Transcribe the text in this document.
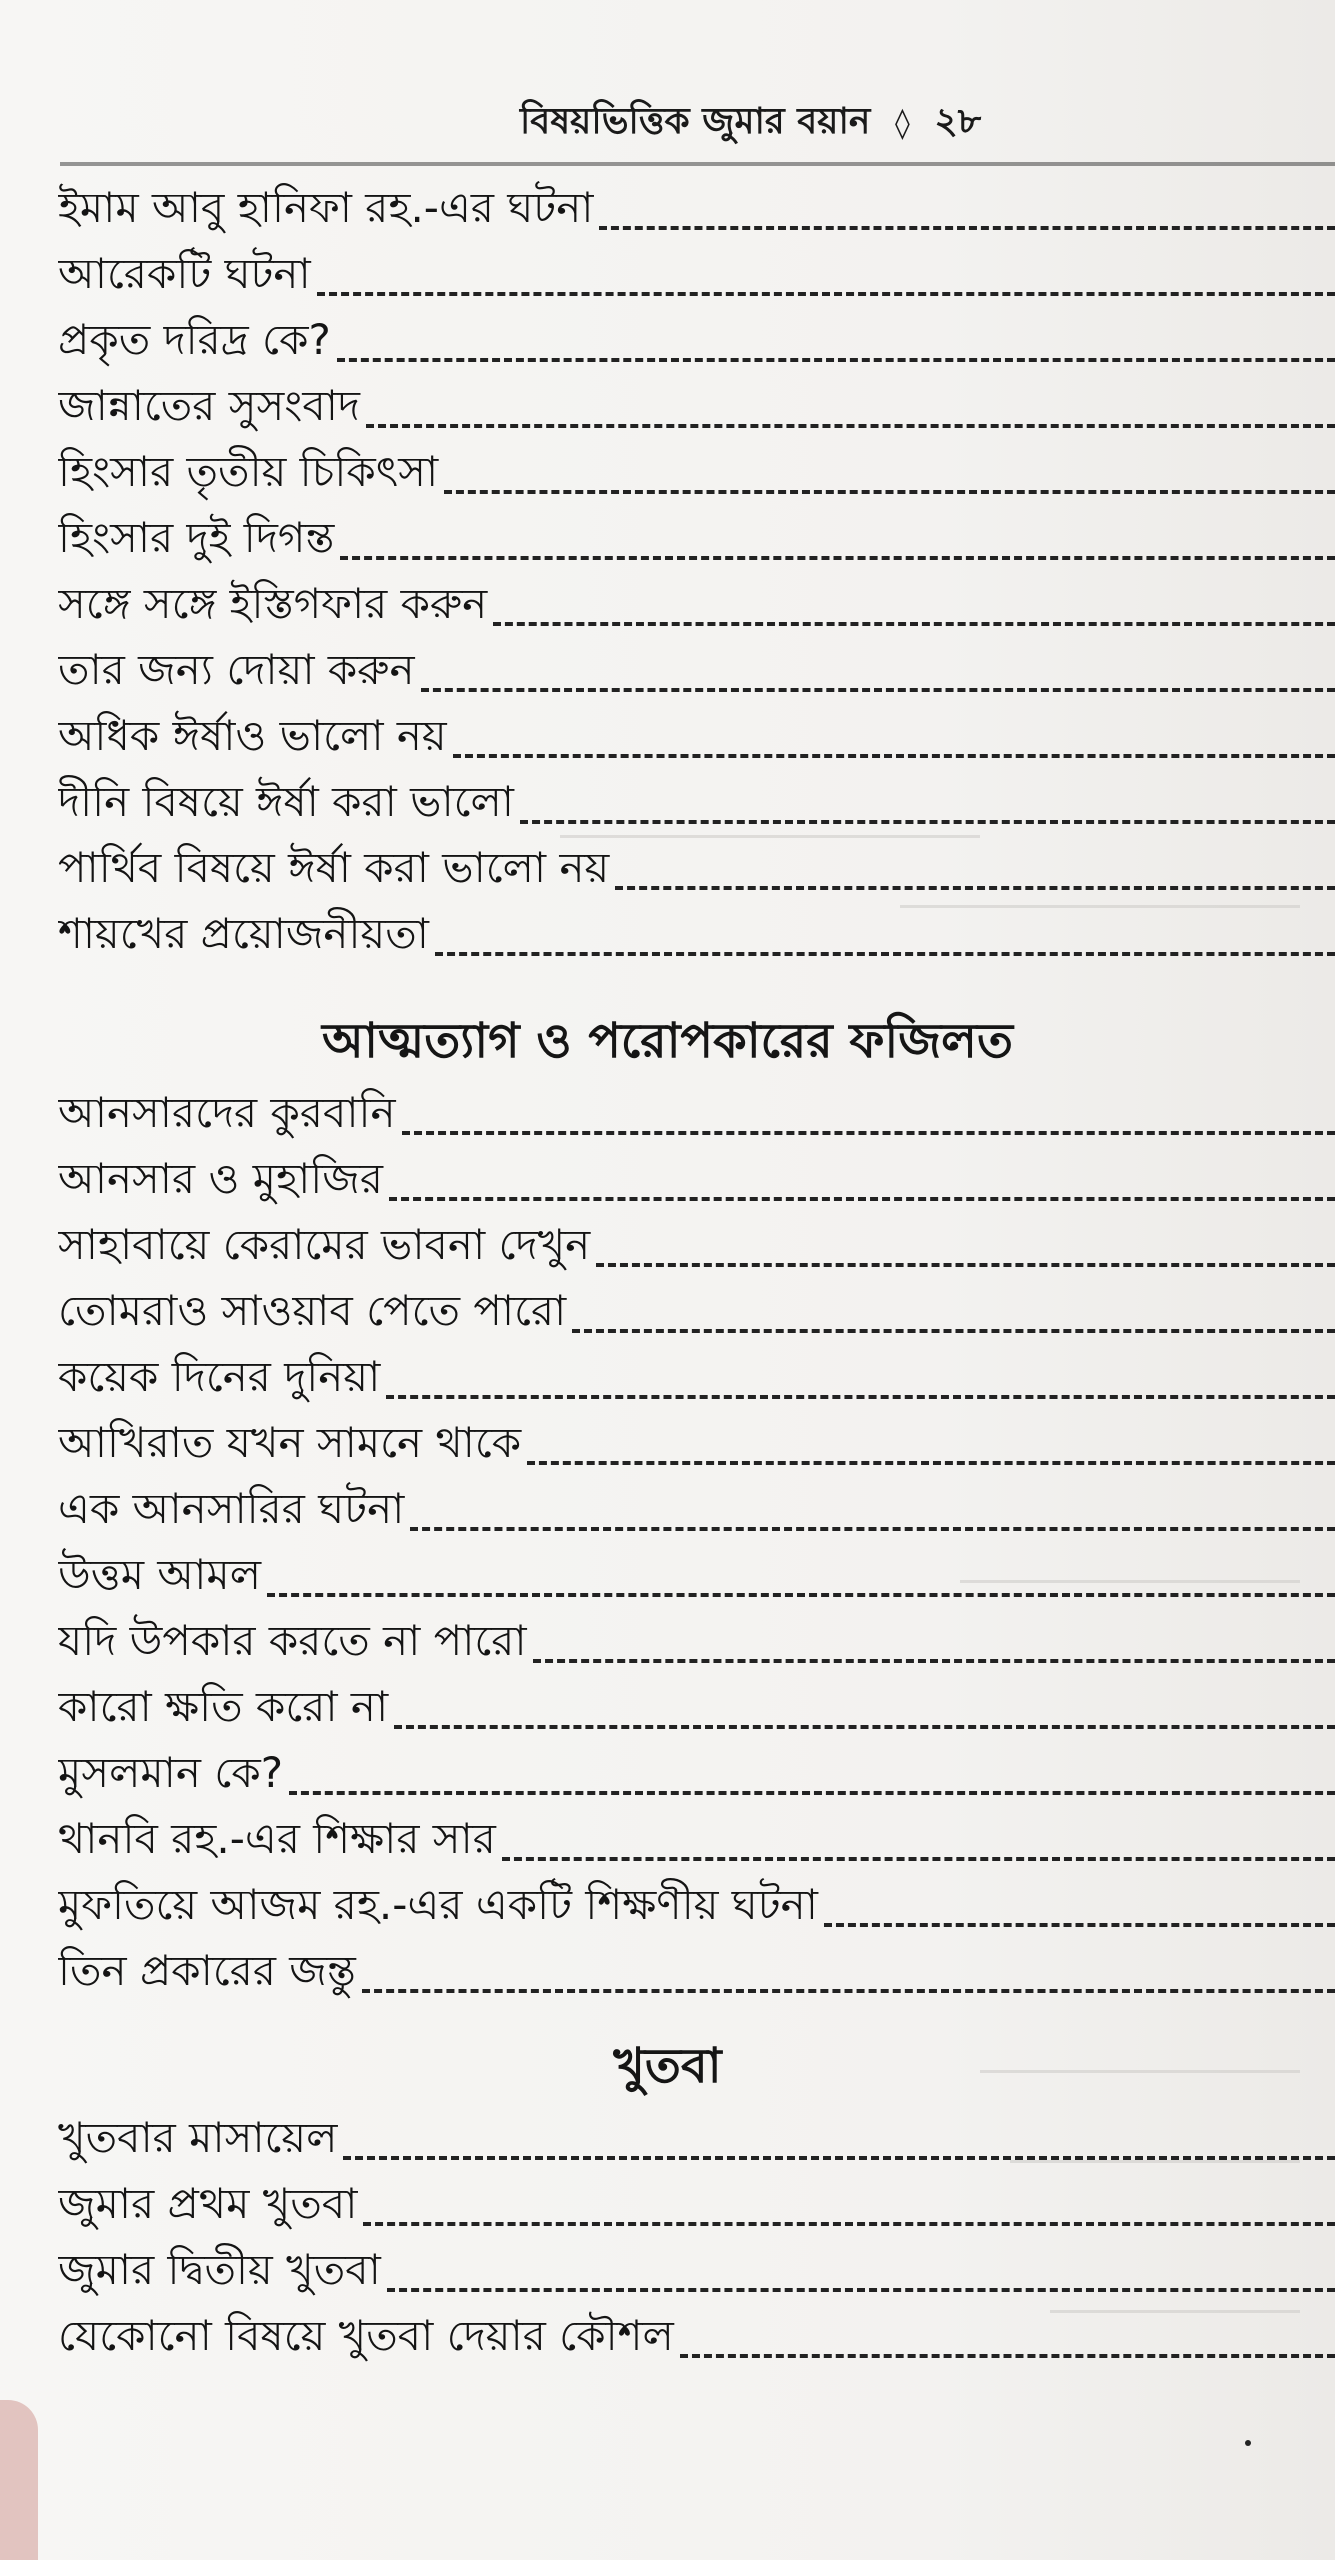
বিষয়ভিত্তিক জুমার বয়ান ◊ ২৮
ইমাম আবু হানিফা রহ.-এর ঘটনা
আরেকটি ঘটনা
প্রকৃত দরিদ্র কে?
জান্নাতের সুসংবাদ
হিংসার তৃতীয় চিকিৎসা
হিংসার দুই দিগন্ত
সঙ্গে সঙ্গে ইস্তিগফার করুন
তার জন্য দোয়া করুন
অধিক ঈর্ষাও ভালো নয়
দীনি বিষয়ে ঈর্ষা করা ভালো
পার্থিব বিষয়ে ঈর্ষা করা ভালো নয়
শায়খের প্রয়োজনীয়তা
আত্মত্যাগ ও পরোপকারের ফজিলত
আনসারদের কুরবানি
আনসার ও মুহাজির
সাহাবায়ে কেরামের ভাবনা দেখুন
তোমরাও সাওয়াব পেতে পারো
কয়েক দিনের দুনিয়া
আখিরাত যখন সামনে থাকে
এক আনসারির ঘটনা
উত্তম আমল
যদি উপকার করতে না পারো
কারো ক্ষতি করো না
মুসলমান কে?
থানবি রহ.-এর শিক্ষার সার
মুফতিয়ে আজম রহ.-এর একটি শিক্ষণীয় ঘটনা
তিন প্রকারের জন্তু
খুতবা
খুতবার মাসায়েল
জুমার প্রথম খুতবা
জুমার দ্বিতীয় খুতবা
যেকোনো বিষয়ে খুতবা দেয়ার কৌশল
